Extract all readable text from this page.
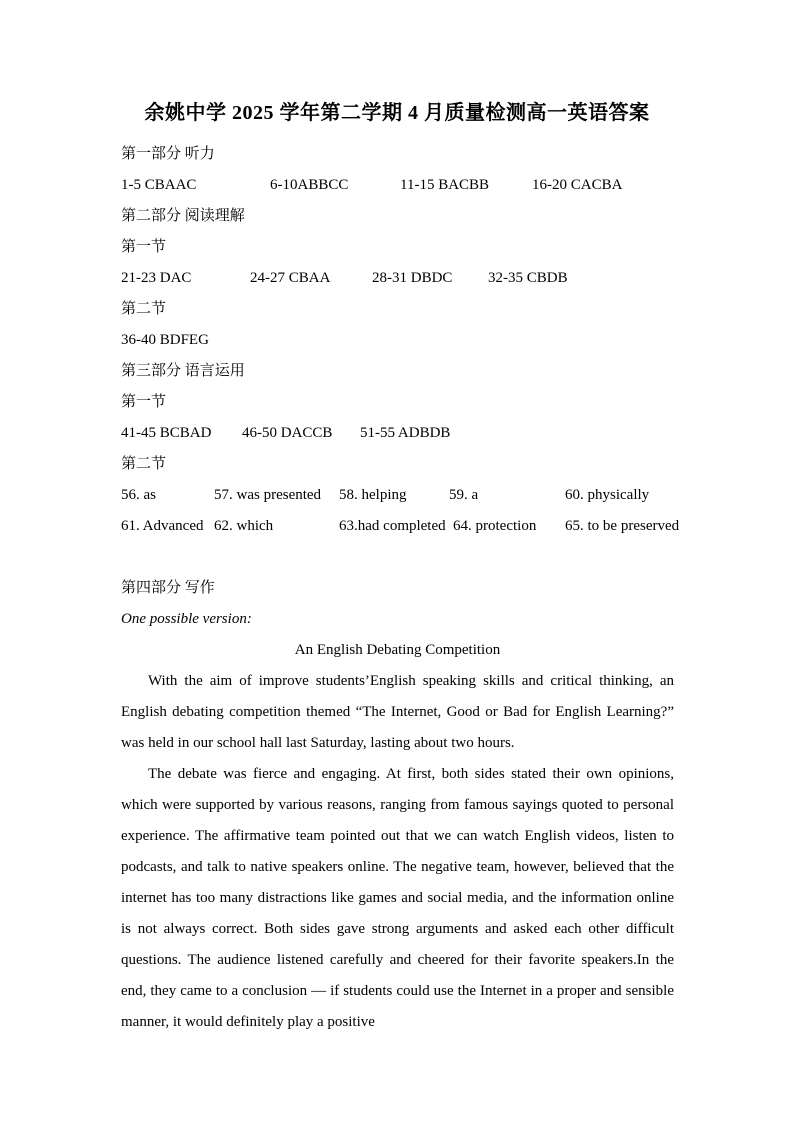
余姚中学 2025 学年第二学期 4 月质量检测高一英语答案
第一部分 听力
1-5 CBAAC	6-10ABBCC	11-15 BACBB	16-20 CACBA
第二部分 阅读理解
第一节
21-23 DAC	24-27 CBAA	28-31 DBDC 32-35 CBDB
第二节
36-40 BDFEG
第三部分 语言运用
第一节
41-45 BCBAD 46-50 DACCB 51-55 ADBDB
第二节
56. as	57. was presented 58. helping	59. a	60. physically
61. Advanced 62. which	63.had completed 64. protection 65. to be preserved
第四部分 写作
One possible version:
An English Debating Competition

With the aim of improve students’English speaking skills and critical thinking, an English debating competition themed “The Internet, Good or Bad for English Learning?” was held in our school hall last Saturday, lasting about two hours.

The debate was fierce and engaging. At first, both sides stated their own opinions, which were supported by various reasons, ranging from famous sayings quoted to personal experience. The affirmative team pointed out that we can watch English videos, listen to podcasts, and talk to native speakers online. The negative team, however, believed that the internet has too many distractions like games and social media, and the information online is not always correct. Both sides gave strong arguments and asked each other difficult questions. The audience listened carefully and cheered for their favorite speakers.In the end, they came to a conclusion — if students could use the Internet in a proper and sensible manner, it would definitely play a positive
